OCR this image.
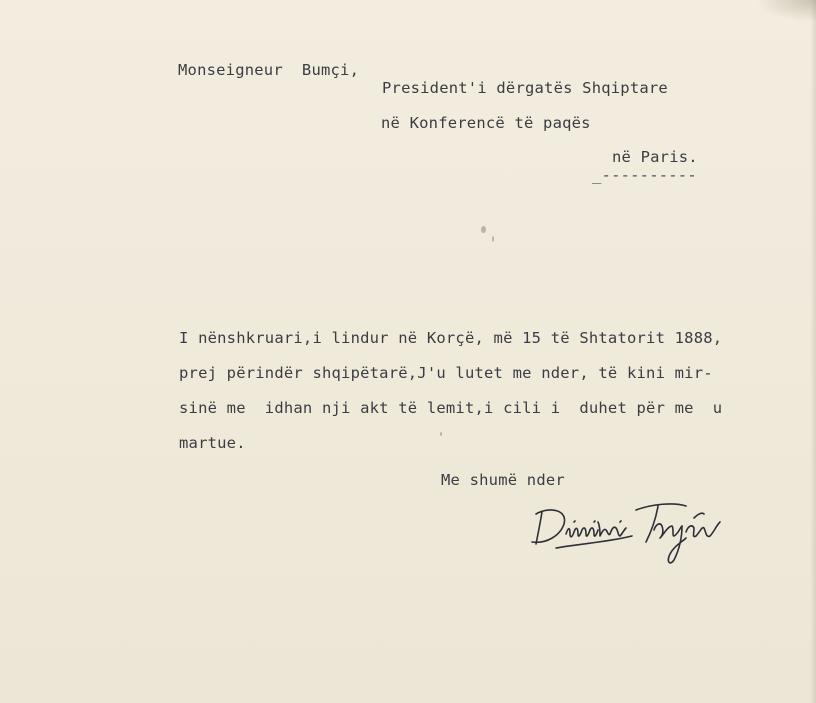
Monseigneur  Bumçi,
President'i dërgatës Shqiptare
në Konferencë të paqës
në Paris.
_----------
I nënshkruari,i lindur në Korçë, më 15 të Shtatorit 1888,
prej përindër shqipëtarë,J'u lutet me nder, të kini mir-
sinë me  idhan nji akt të lemit,i cili i  duhet për me  u
martue.
Me shumë nder
